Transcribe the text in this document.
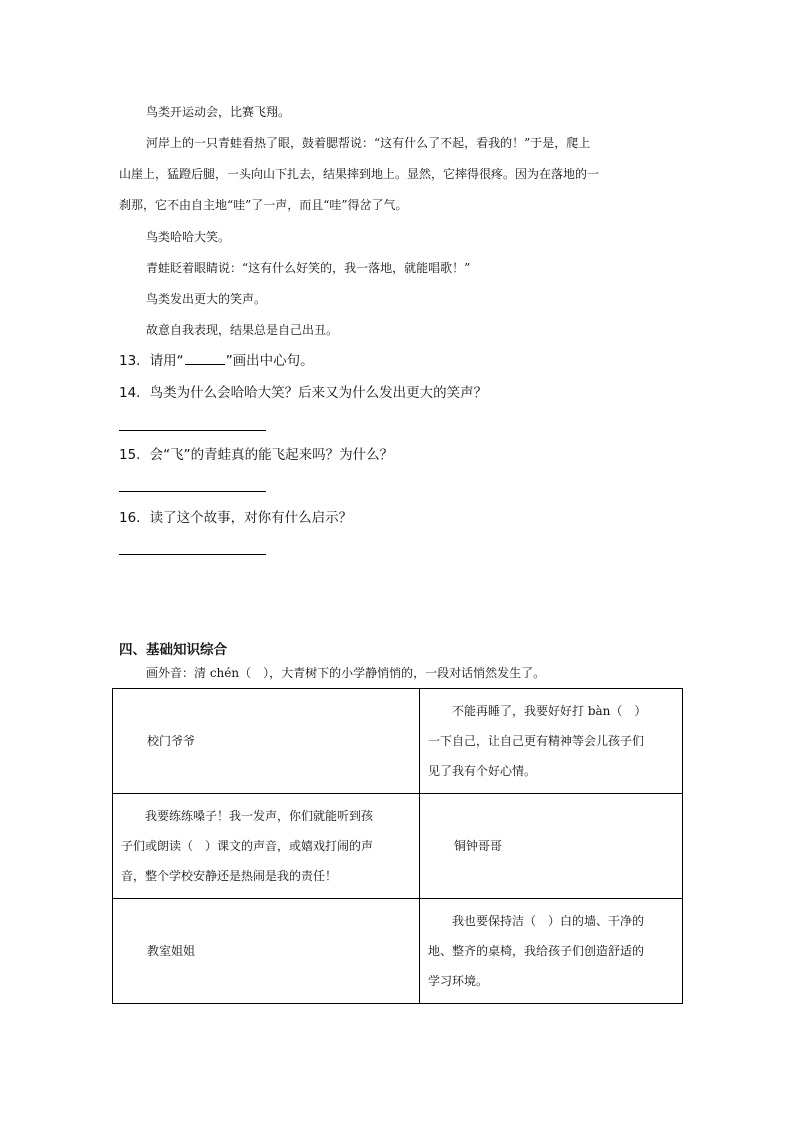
鸟类开运动会，比赛飞翔。
河岸上的一只青蛙看热了眼，鼓着腮帮说：“这有什么了不起，看我的！”于是，爬上
山崖上，猛蹬后腿，一头向山下扎去，结果摔到地上。显然，它摔得很疼。因为在落地的一
刹那，它不由自主地“哇”了一声，而且“哇”得岔了气。
鸟类哈哈大笑。
青蛙眨着眼睛说：“这有什么好笑的，我一落地，就能唱歌！”
鸟类发出更大的笑声。
故意自我表现，结果总是自己出丑。
13．请用“	”画出中心句。
14．鸟类为什么会哈哈大笑？后来又为什么发出更大的笑声？
15．会“飞”的青蛙真的能飞起来吗？为什么？
16．读了这个故事，对你有什么启示？
四、基础知识综合
画外音：清 chén（　），大青树下的小学静悄悄的，一段对话悄然发生了。
校门爷爷	不能再睡了，我要好好打 bàn（　）
一下自己，让自己更有精神等会儿孩子们
见了我有个好心情。

我要练练嗓子！我一发声，你们就能听到孩
子们或朗读（　）课文的声音，或嬉戏打闹的声
音，整个学校安静还是热闹是我的责任！	铜钟哥哥
教室姐姐	我也要保持洁（　）白的墙、干净的
地、整齐的桌椅，我给孩子们创造舒适的
学习环境。
